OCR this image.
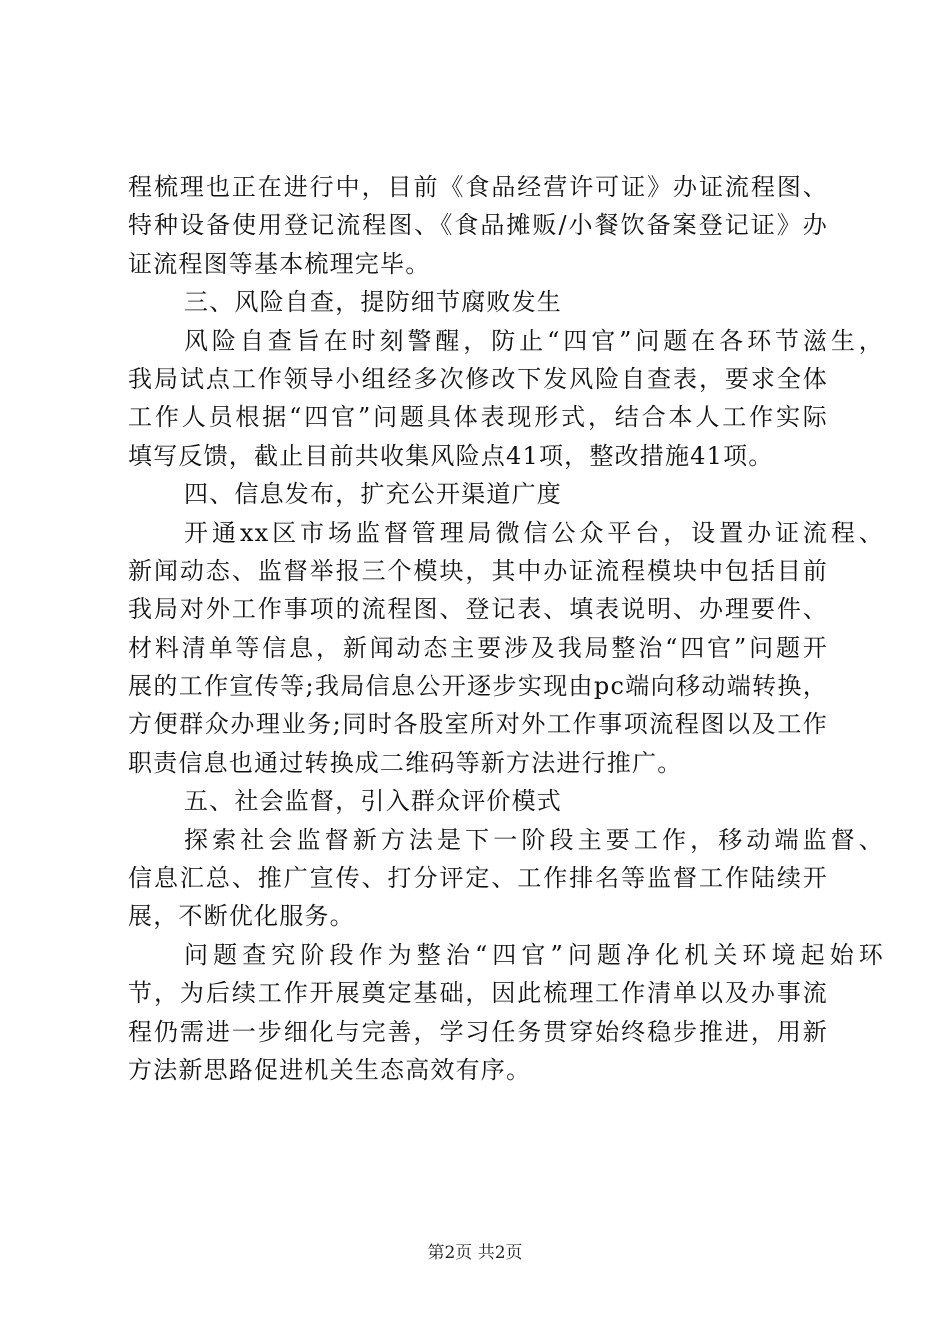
程梳理也正在进行中，目前《食品经营许可证》办证流程图、
特种设备使用登记流程图、《食品摊贩/小餐饮备案登记证》办
证流程图等基本梳理完毕。
三、风险自查，提防细节腐败发生
风险自查旨在时刻警醒，防止“四官”问题在各环节滋生，
我局试点工作领导小组经多次修改下发风险自查表，要求全体
工作人员根据“四官”问题具体表现形式，结合本人工作实际
填写反馈，截止目前共收集风险点41项，整改措施41项。
四、信息发布，扩充公开渠道广度
开通xx区市场监督管理局微信公众平台，设置办证流程、
新闻动态、监督举报三个模块，其中办证流程模块中包括目前
我局对外工作事项的流程图、登记表、填表说明、办理要件、
材料清单等信息，新闻动态主要涉及我局整治“四官”问题开
展的工作宣传等;我局信息公开逐步实现由pc端向移动端转换，
方便群众办理业务;同时各股室所对外工作事项流程图以及工作
职责信息也通过转换成二维码等新方法进行推广。
五、社会监督，引入群众评价模式
探索社会监督新方法是下一阶段主要工作，移动端监督、
信息汇总、推广宣传、打分评定、工作排名等监督工作陆续开
展，不断优化服务。
问题查究阶段作为整治“四官”问题净化机关环境起始环
节，为后续工作开展奠定基础，因此梳理工作清单以及办事流
程仍需进一步细化与完善，学习任务贯穿始终稳步推进，用新
方法新思路促进机关生态高效有序。
第2页 共2页
